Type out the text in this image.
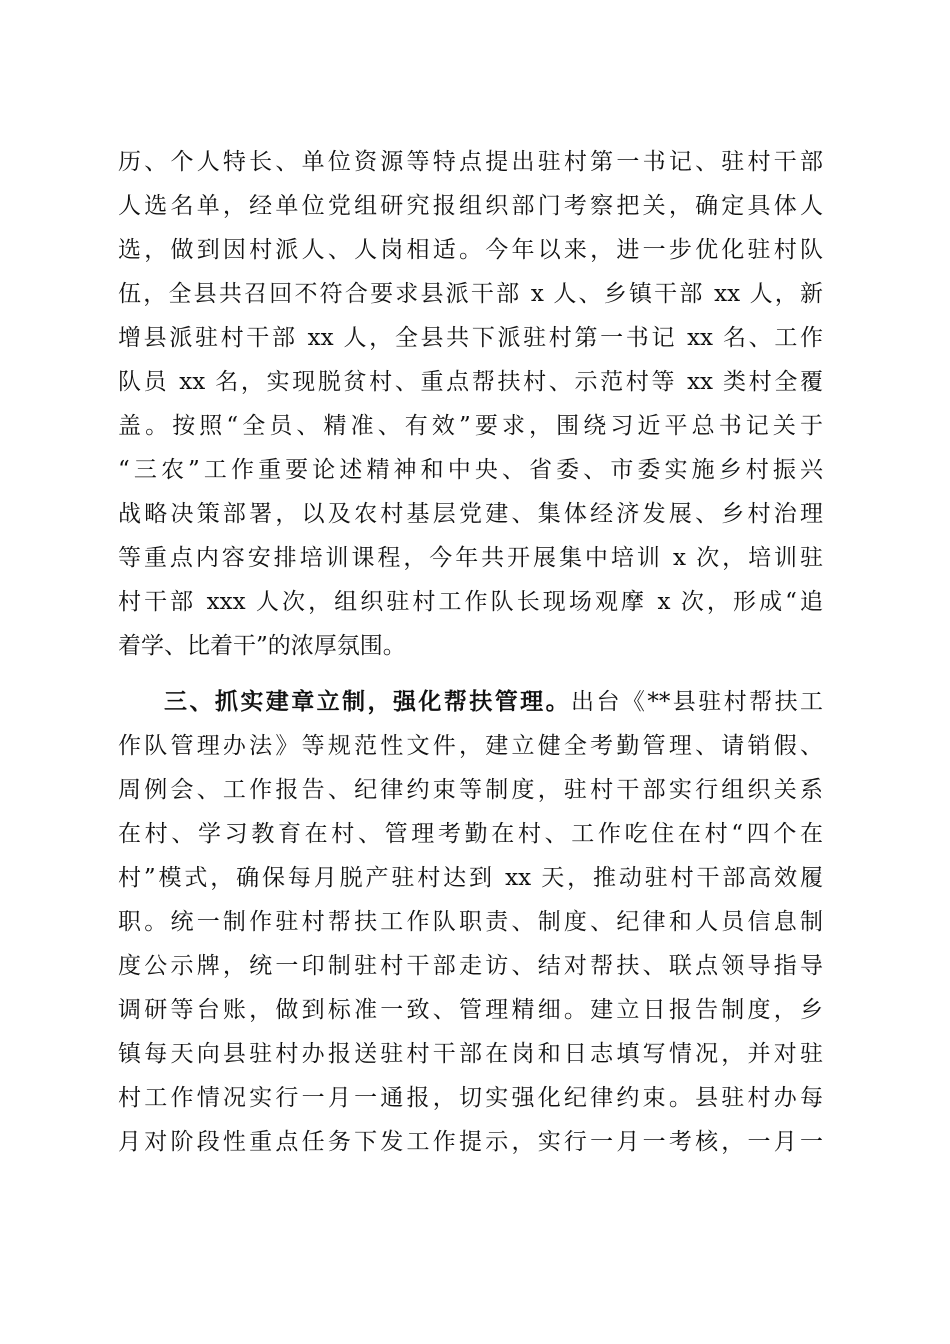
历、个人特长、单位资源等特点提出驻村第一书记、驻村干部
人选名单，经单位党组研究报组织部门考察把关，确定具体人
选，做到因村派人、人岗相适。今年以来，进一步优化驻村队
伍，全县共召回不符合要求县派干部 x 人、乡镇干部 xx 人，新
增县派驻村干部 xx 人，全县共下派驻村第一书记 xx 名、工作
队员 xx 名，实现脱贫村、重点帮扶村、示范村等 xx 类村全覆
盖。按照“全员、精准、有效”要求，围绕习近平总书记关于
“三农”工作重要论述精神和中央、省委、市委实施乡村振兴
战略决策部署，以及农村基层党建、集体经济发展、乡村治理
等重点内容安排培训课程，今年共开展集中培训 x 次，培训驻
村干部 xxx 人次，组织驻村工作队长现场观摩 x 次，形成“追
着学、比着干”的浓厚氛围。
三、抓实建章立制，强化帮扶管理。出台《**县驻村帮扶工
作队管理办法》等规范性文件，建立健全考勤管理、请销假、
周例会、工作报告、纪律约束等制度，驻村干部实行组织关系
在村、学习教育在村、管理考勤在村、工作吃住在村“四个在
村”模式，确保每月脱产驻村达到 xx 天，推动驻村干部高效履
职。统一制作驻村帮扶工作队职责、制度、纪律和人员信息制
度公示牌，统一印制驻村干部走访、结对帮扶、联点领导指导
调研等台账，做到标准一致、管理精细。建立日报告制度，乡
镇每天向县驻村办报送驻村干部在岗和日志填写情况，并对驻
村工作情况实行一月一通报，切实强化纪律约束。县驻村办每
月对阶段性重点任务下发工作提示，实行一月一考核，一月一
